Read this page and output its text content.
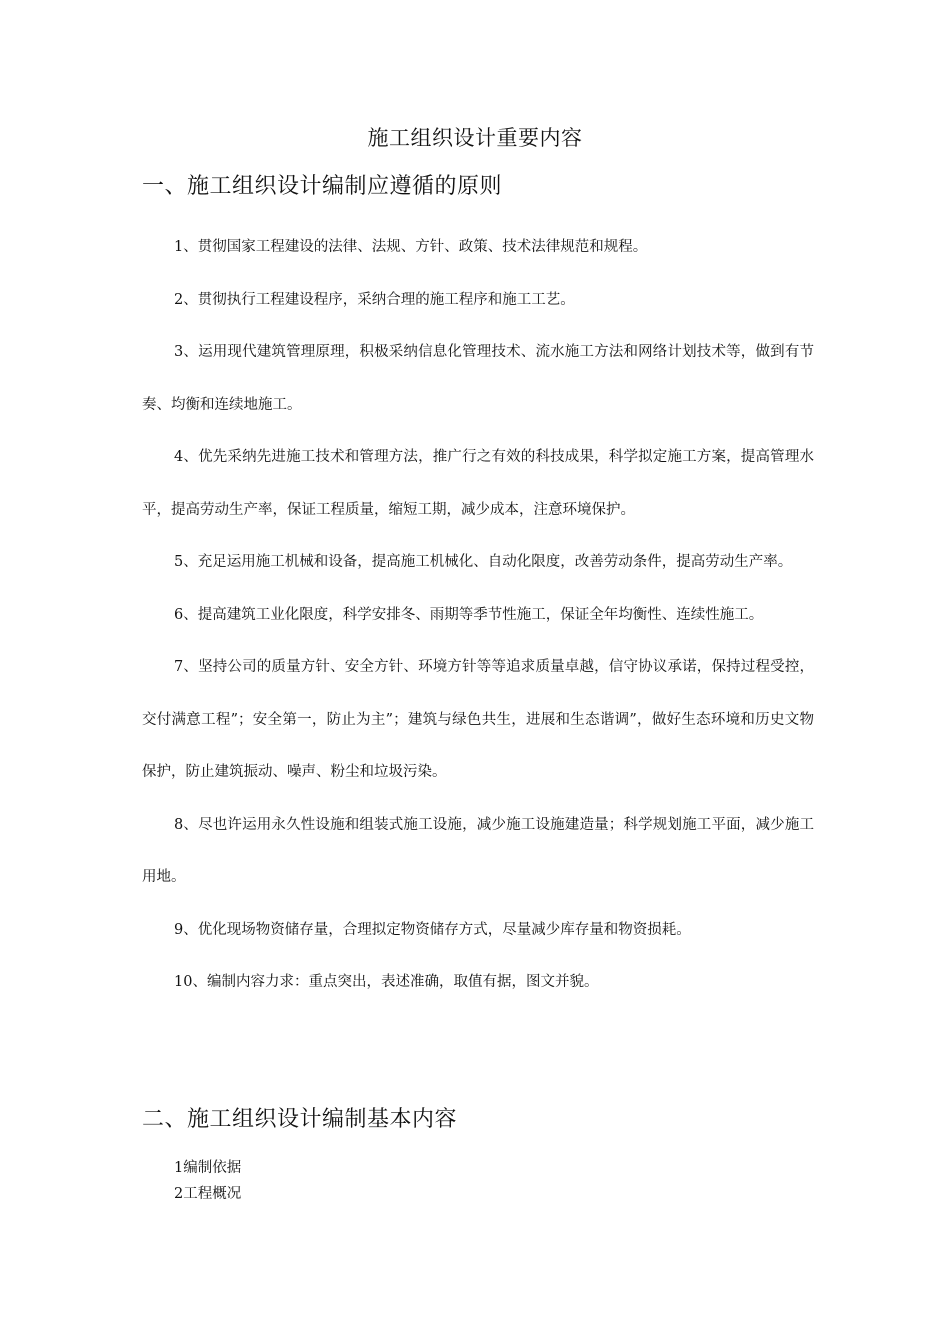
施工组织设计重要内容
一、施工组织设计编制应遵循的原则

1、贯彻国家工程建设的法律、法规、方针、政策、技术法律规范和规程。

2、贯彻执行工程建设程序，采纳合理的施工程序和施工工艺。

3、运用现代建筑管理原理，积极采纳信息化管理技术、流水施工方法和网络计划技术等，做到有节奏、均衡和连续地施工。

4、优先采纳先进施工技术和管理方法，推广行之有效的科技成果，科学拟定施工方案，提高管理水平，提高劳动生产率，保证工程质量，缩短工期，减少成本，注意环境保护。

5、充足运用施工机械和设备，提高施工机械化、自动化限度，改善劳动条件，提高劳动生产率。

6、提高建筑工业化限度，科学安排冬、雨期等季节性施工，保证全年均衡性、连续性施工。

7、坚持公司的质量方针、安全方针、环境方针等等追求质量卓越，信守协议承诺，保持过程受控，交付满意工程”；安全第一，防止为主”；建筑与绿色共生，进展和生态谐调”，做好生态环境和历史文物保护，防止建筑振动、噪声、粉尘和垃圾污染。

8、尽也许运用永久性设施和组装式施工设施，减少施工设施建造量；科学规划施工平面，减少施工用地。

9、优化现场物资储存量，合理拟定物资储存方式，尽量减少库存量和物资损耗。

10、编制内容力求：重点突出，表述准确，取值有据，图文并貌。

二、施工组织设计编制基本内容

1编制依据

2工程概况
